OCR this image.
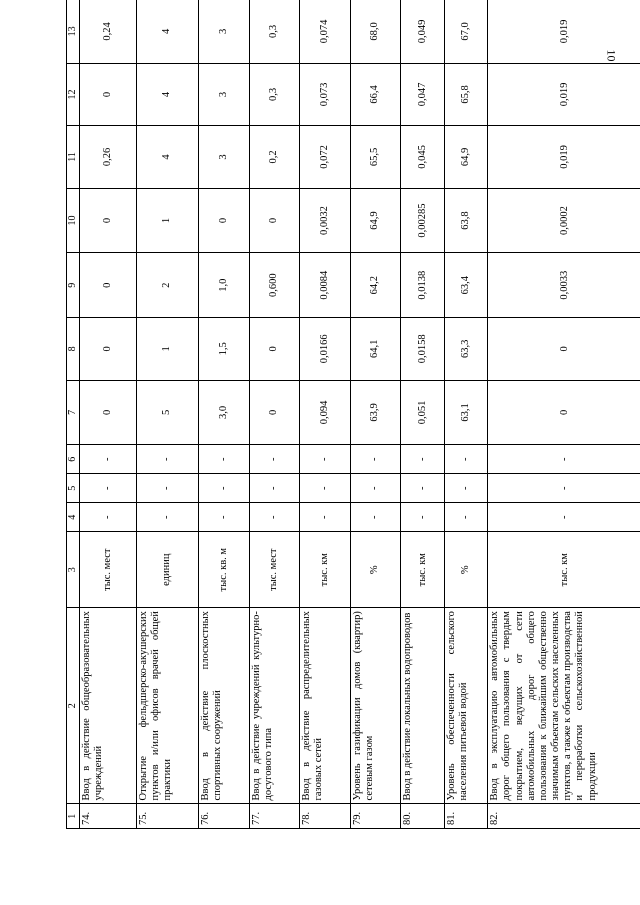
10
1	2	3	4	5	6	7	8	9	10	11	12	13
74.	Ввод в действие общеобразовательных учреждений	тыс. мест	-	-	-	0	0	0	0	0,26	0	0,24
75.	Открытие фельдшерско-акушерских пунктов и/или офисов врачей общей практики	единиц	-	-	-	5	1	2	1	4	4	4
76.	Ввод в действие плоскостных спортивных сооружений	тыс. кв. м	-	-	-	3,0	1,5	1,0	0	3	3	3
77.	Ввод в действие учреждений культурно-досугового типа	тыс. мест	-	-	-	0	0	0,600	0	0,2	0,3	0,3
78.	Ввод в действие распределительных газовых сетей	тыс. км	-	-	-	0,094	0,0166	0,0084	0,0032	0,072	0,073	0,074
79.	Уровень газификации домов (квартир) сетевым газом	%	-	-	-	63,9	64,1	64,2	64,9	65,5	66,4	68,0
80.	Ввод в действие локальных водопроводов	тыс. км	-	-	-	0,051	0,0158	0,0138	0,00285	0,045	0,047	0,049
81.	Уровень обеспеченности сельского населения питьевой водой	%	-	-	-	63,1	63,3	63,4	63,8	64,9	65,8	67,0
82.	Ввод в эксплуатацию автомобильных дорог общего пользования с твердым покрытием, ведущих от сети автомобильных дорог общего пользования к ближайшим общественно значимым объектам сельских населенных пунктов, а также к объектам производства и переработки сельскохозяйственной продукции	тыс. км	-	-	-	0	0	0,0033	0,0002	0,019	0,019	0,019
